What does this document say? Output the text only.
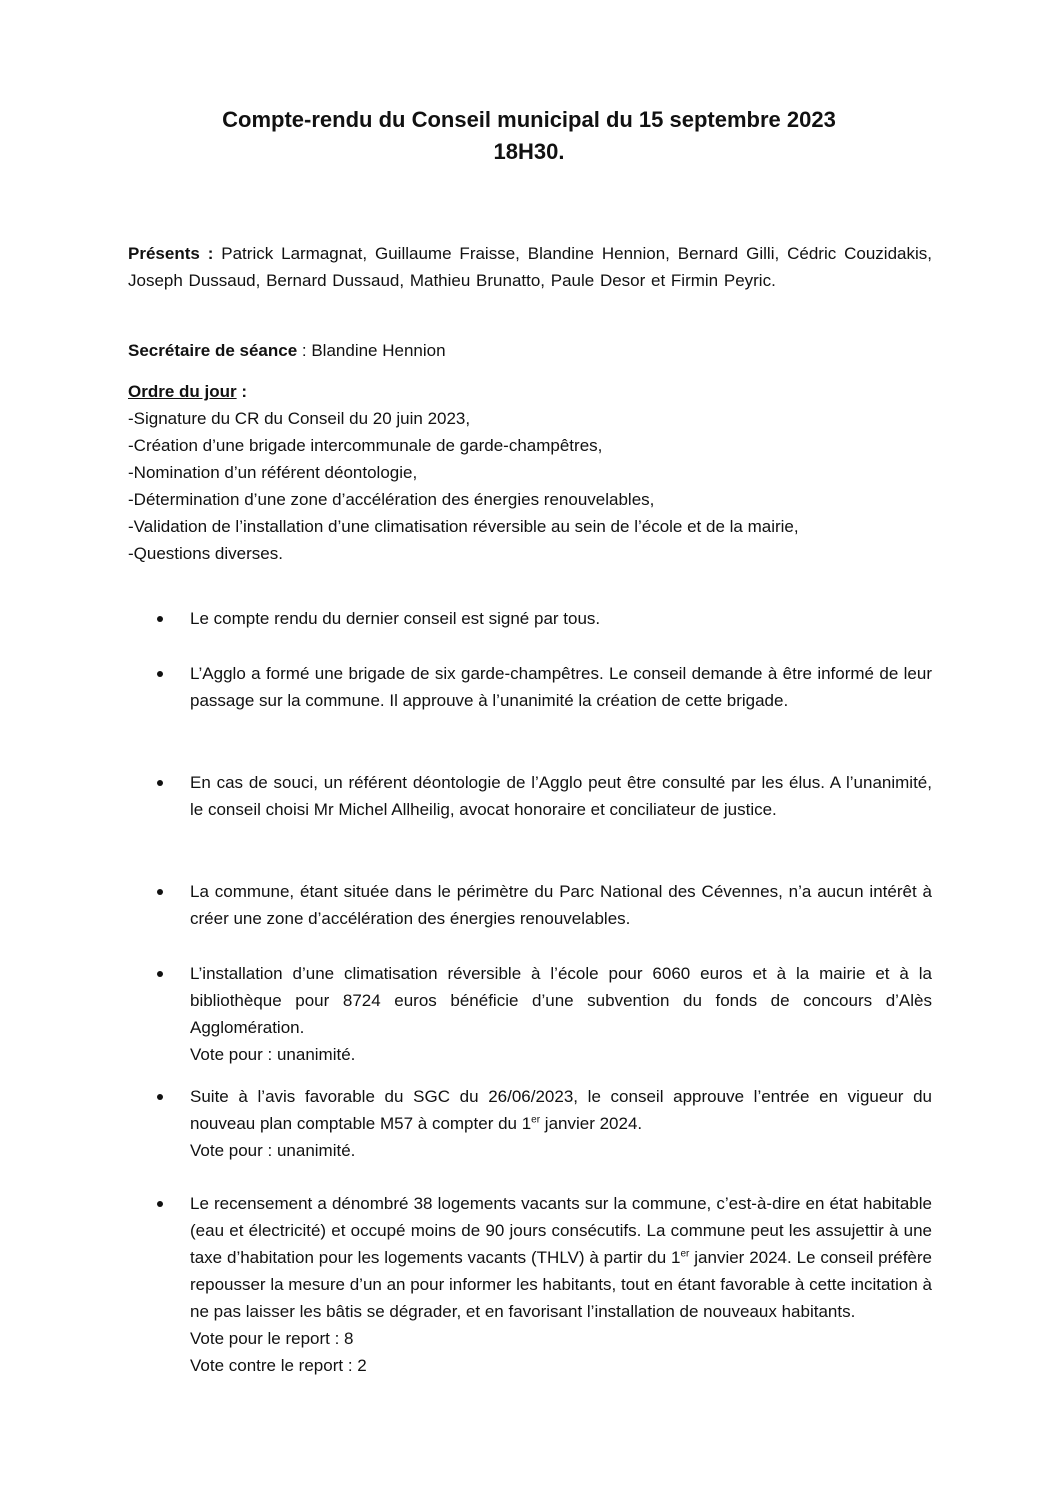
Compte-rendu du Conseil municipal du 15 septembre 2023
18H30.
Présents : Patrick Larmagnat, Guillaume Fraisse, Blandine Hennion, Bernard Gilli, Cédric Couzidakis, Joseph Dussaud, Bernard Dussaud, Mathieu Brunatto, Paule Desor et Firmin Peyric.
Secrétaire de séance : Blandine Hennion
Ordre du jour :
-Signature du CR du Conseil du 20 juin 2023,
-Création d’une brigade intercommunale de garde-champêtres,
-Nomination d’un référent déontologie,
-Détermination d’une zone d’accélération des énergies renouvelables,
-Validation de l’installation d’une climatisation réversible au sein de l’école et de la mairie,
-Questions diverses.
Le compte rendu du dernier conseil est signé par tous.
L’Agglo a formé une brigade de six garde-champêtres. Le conseil demande à être informé de leur passage sur la commune. Il approuve à l’unanimité la création de cette brigade.
En cas de souci, un référent déontologie de l’Agglo peut être consulté par les élus. A l’unanimité, le conseil choisi Mr Michel Allheilig, avocat honoraire et conciliateur de justice.
La commune, étant située dans le périmètre du Parc National des Cévennes, n’a aucun intérêt à créer une zone d’accélération des énergies renouvelables.
L’installation d’une climatisation réversible à l’école pour 6060 euros et à la mairie et à la bibliothèque pour 8724 euros bénéficie d’une subvention du fonds de concours d’Alès Agglomération.
Vote pour : unanimité.
Suite à l’avis favorable du SGC du 26/06/2023, le conseil approuve l’entrée en vigueur du nouveau plan comptable M57 à compter du 1er janvier 2024.
Vote pour : unanimité.
Le recensement a dénombré 38 logements vacants sur la commune, c’est-à-dire en état habitable (eau et électricité) et occupé moins de 90 jours consécutifs. La commune peut les assujettir à une taxe d’habitation pour les logements vacants (THLV) à partir du 1er janvier 2024. Le conseil préfère repousser la mesure d’un an pour informer les habitants, tout en étant favorable à cette incitation à ne pas laisser les bâtis se dégrader, et en favorisant l’installation de nouveaux habitants.
Vote pour le report : 8
Vote contre le report : 2
